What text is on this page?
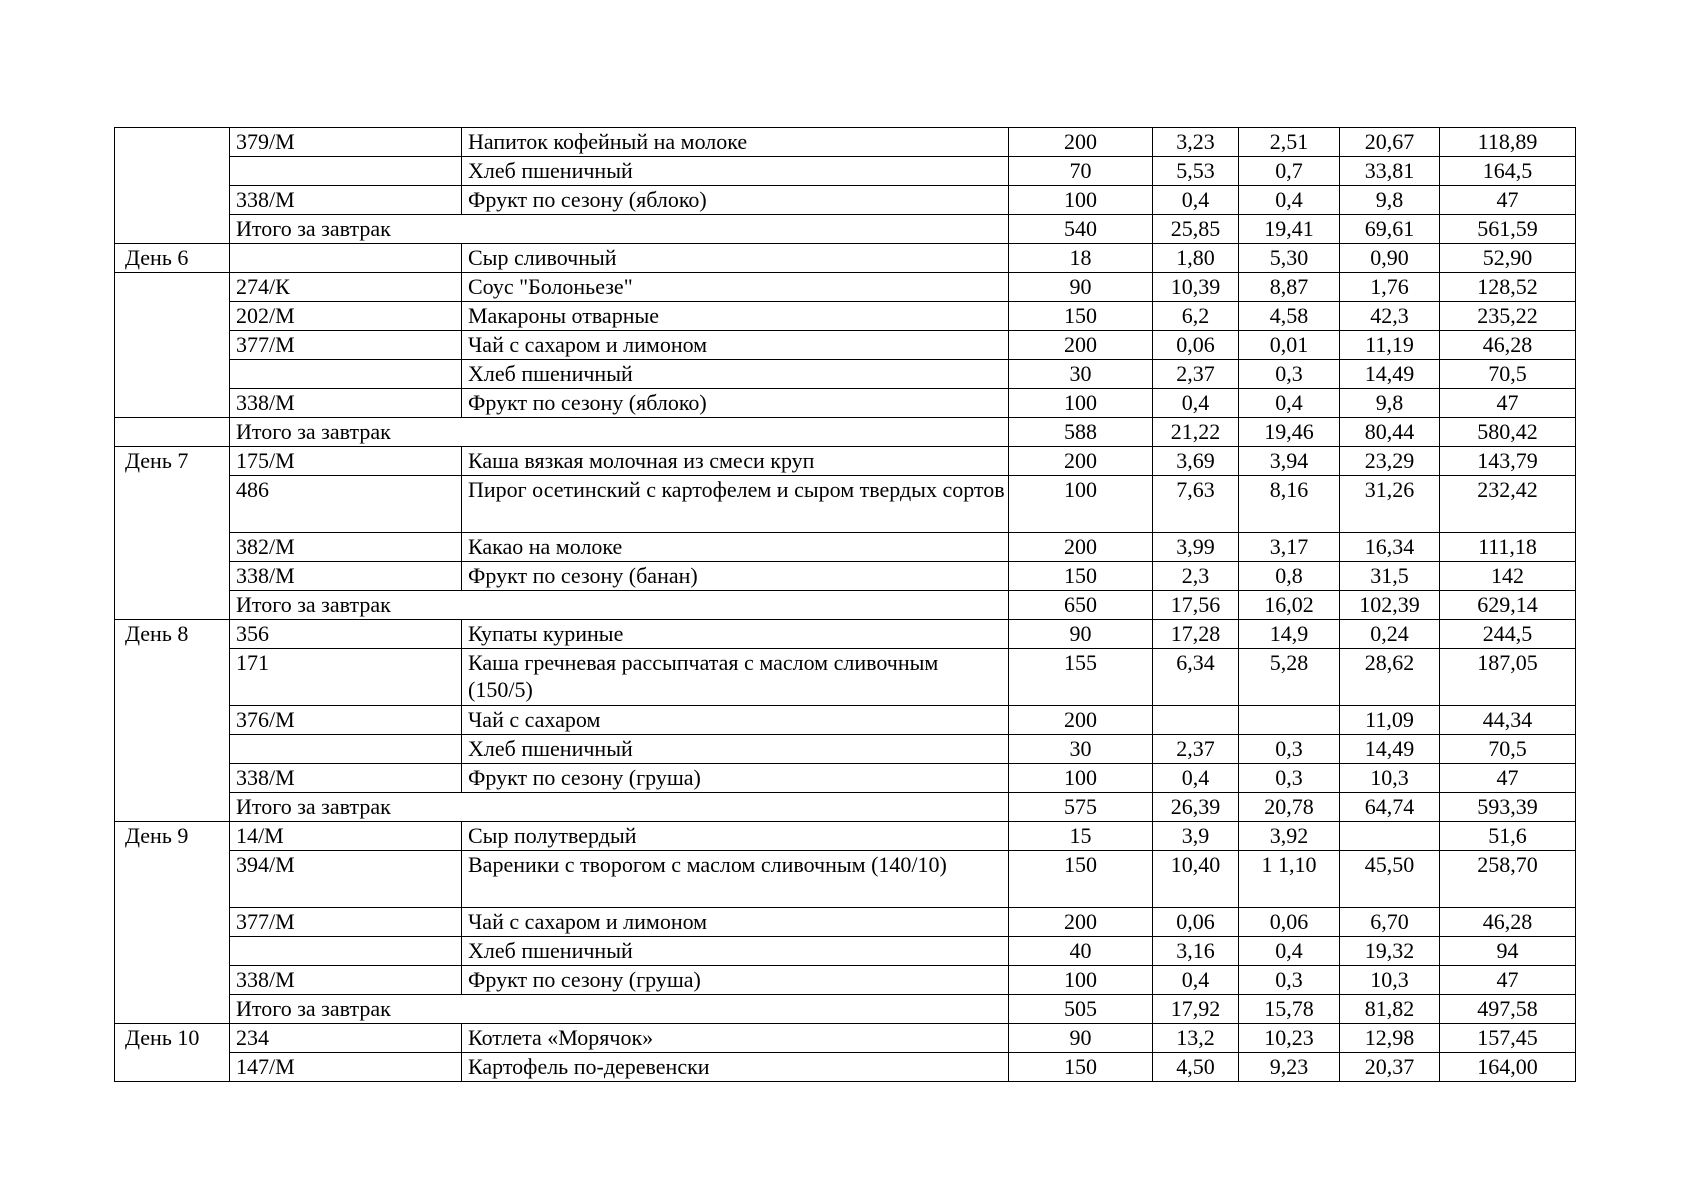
	379/М	Напиток кофейный на молоке	200	3,23	2,51	20,67	118,89
		Хлеб пшеничный	70	5,53	0,7	33,81	164,5
	338/М	Фрукт по сезону (яблоко)	100	0,4	0,4	9,8	47
	Итого за завтрак		540	25,85	19,41	69,61	561,59
День 6		Сыр сливочный	18	1,80	5,30	0,90	52,90
	274/К	Соус "Болоньезе"	90	10,39	8,87	1,76	128,52
	202/М	Макароны отварные	150	6,2	4,58	42,3	235,22
	377/М	Чай с сахаром и лимоном	200	0,06	0,01	11,19	46,28
		Хлеб пшеничный	30	2,37	0,3	14,49	70,5
	338/М	Фрукт по сезону (яблоко)	100	0,4	0,4	9,8	47
	Итого за завтрак		588	21,22	19,46	80,44	580,42
День 7	175/М	Каша вязкая молочная из смеси круп	200	3,69	3,94	23,29	143,79
	486	Пирог осетинский с картофелем и сыром твердых сортов	100	7,63	8,16	31,26	232,42
	382/М	Какао на молоке	200	3,99	3,17	16,34	111,18
	338/М	Фрукт по сезону (банан)	150	2,3	0,8	31,5	142
	Итого за завтрак		650	17,56	16,02	102,39	629,14
День 8	356	Купаты куриные	90	17,28	14,9	0,24	244,5
	171	Каша гречневая рассыпчатая с маслом сливочным (150/5)	155	6,34	5,28	28,62	187,05
	376/М	Чай с сахаром	200			11,09	44,34
		Хлеб пшеничный	30	2,37	0,3	14,49	70,5
	338/М	Фрукт по сезону (груша)	100	0,4	0,3	10,3	47
	Итого за завтрак		575	26,39	20,78	64,74	593,39
День 9	14/М	Сыр полутвердый	15	3,9	3,92		51,6
	394/М	Вареники с творогом с маслом сливочным (140/10)	150	10,40	1 1,10	45,50	258,70
	377/М	Чай с сахаром и лимоном	200	0,06	0,06	6,70	46,28
		Хлеб пшеничный	40	3,16	0,4	19,32	94
	338/М	Фрукт по сезону (груша)	100	0,4	0,3	10,3	47
	Итого за завтрак		505	17,92	15,78	81,82	497,58
День 10	234	Котлета «Морячок»	90	13,2	10,23	12,98	157,45
	147/М	Картофель по-деревенски	150	4,50	9,23	20,37	164,00
